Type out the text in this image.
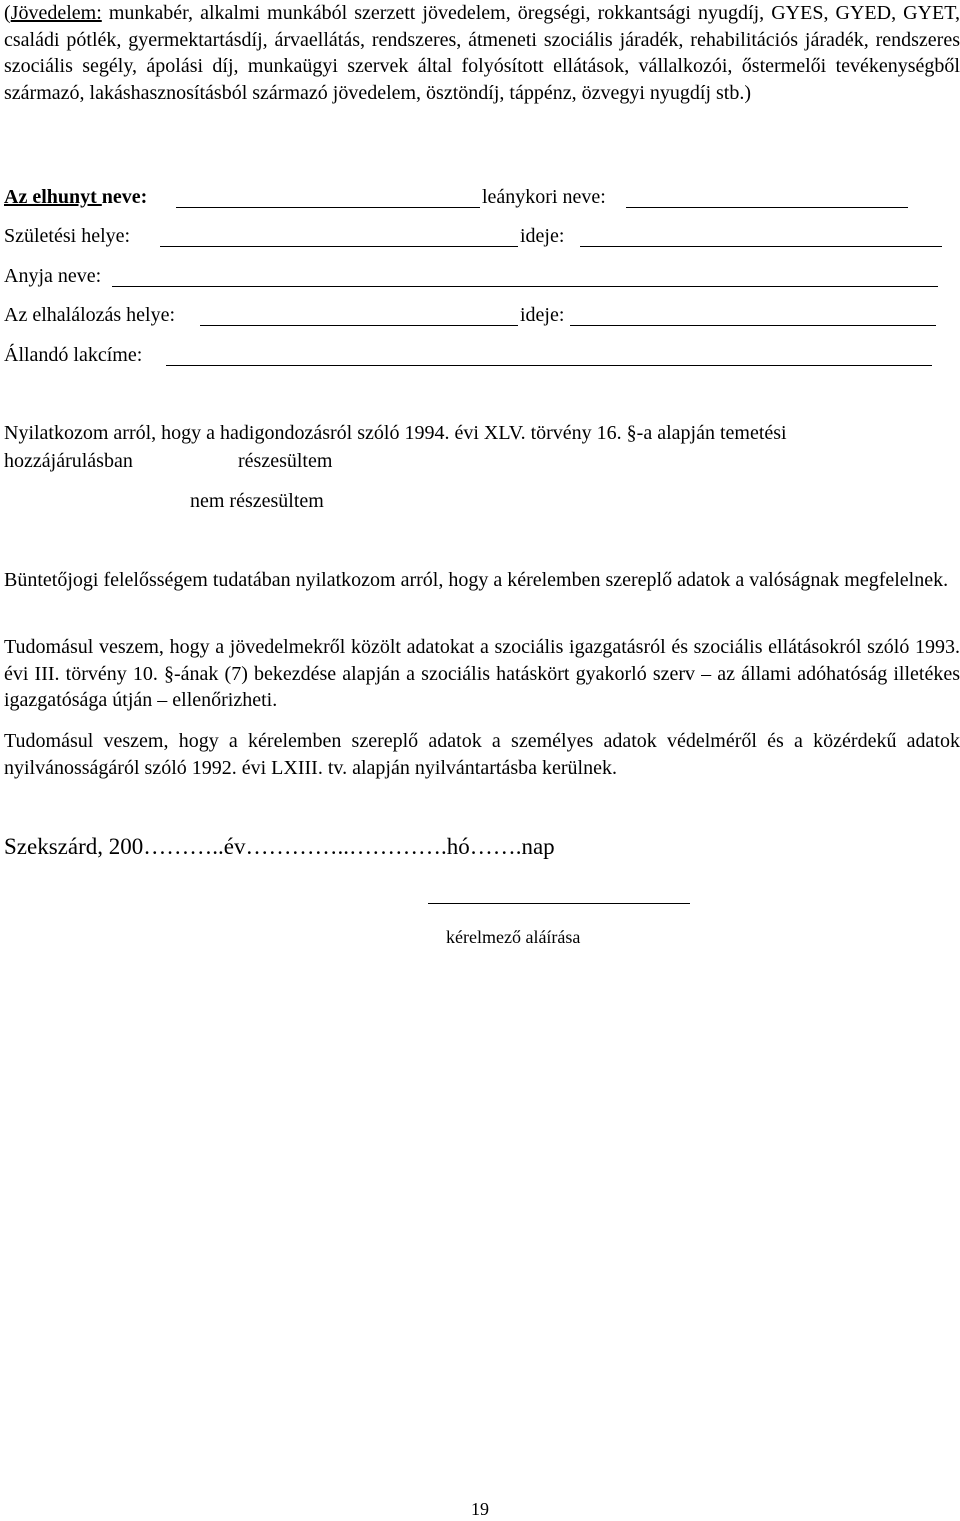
(Jövedelem: munkabér, alkalmi munkából szerzett jövedelem, öregségi, rokkantsági nyugdíj, GYES, GYED, GYET, családi pótlék, gyermektartásdíj, árvaellátás, rendszeres, átmeneti szociális járadék, rehabilitációs járadék, rendszeres szociális segély, ápolási díj, munkaügyi szervek által folyósított ellátások, vállalkozói, őstermelői tevékenységből származó, lakáshasznosításból származó jövedelem, ösztöndíj, táppénz, özvegyi nyugdíj stb.)
Az elhunyt neve:	leánykori neve:
Születési helye:	ideje:
Anyja neve:
Az elhalálozás helye:	ideje:
Állandó lakcíme:
Nyilatkozom arról, hogy a hadigondozásról szóló 1994. évi XLV. törvény 16. §-a alapján temetési
hozzájárulásban	részesültem
nem részesültem
Büntetőjogi felelősségem tudatában nyilatkozom arról, hogy a kérelemben szereplő adatok a valóságnak megfelelnek.
Tudomásul veszem, hogy a jövedelmekről közölt adatokat a szociális igazgatásról és szociális ellátásokról szóló 1993. évi III. törvény 10. §-ának (7) bekezdése alapján a szociális hatáskört gyakorló szerv – az állami adóhatóság illetékes igazgatósága útján – ellenőrizheti.
Tudomásul veszem, hogy a kérelemben szereplő adatok a személyes adatok védelméről és a közérdekű adatok nyilvánosságáról szóló 1992. évi LXIII. tv. alapján nyilvántartásba kerülnek.
Szekszárd, 200………..év…………..………….hó…….nap
kérelmező aláírása
19
